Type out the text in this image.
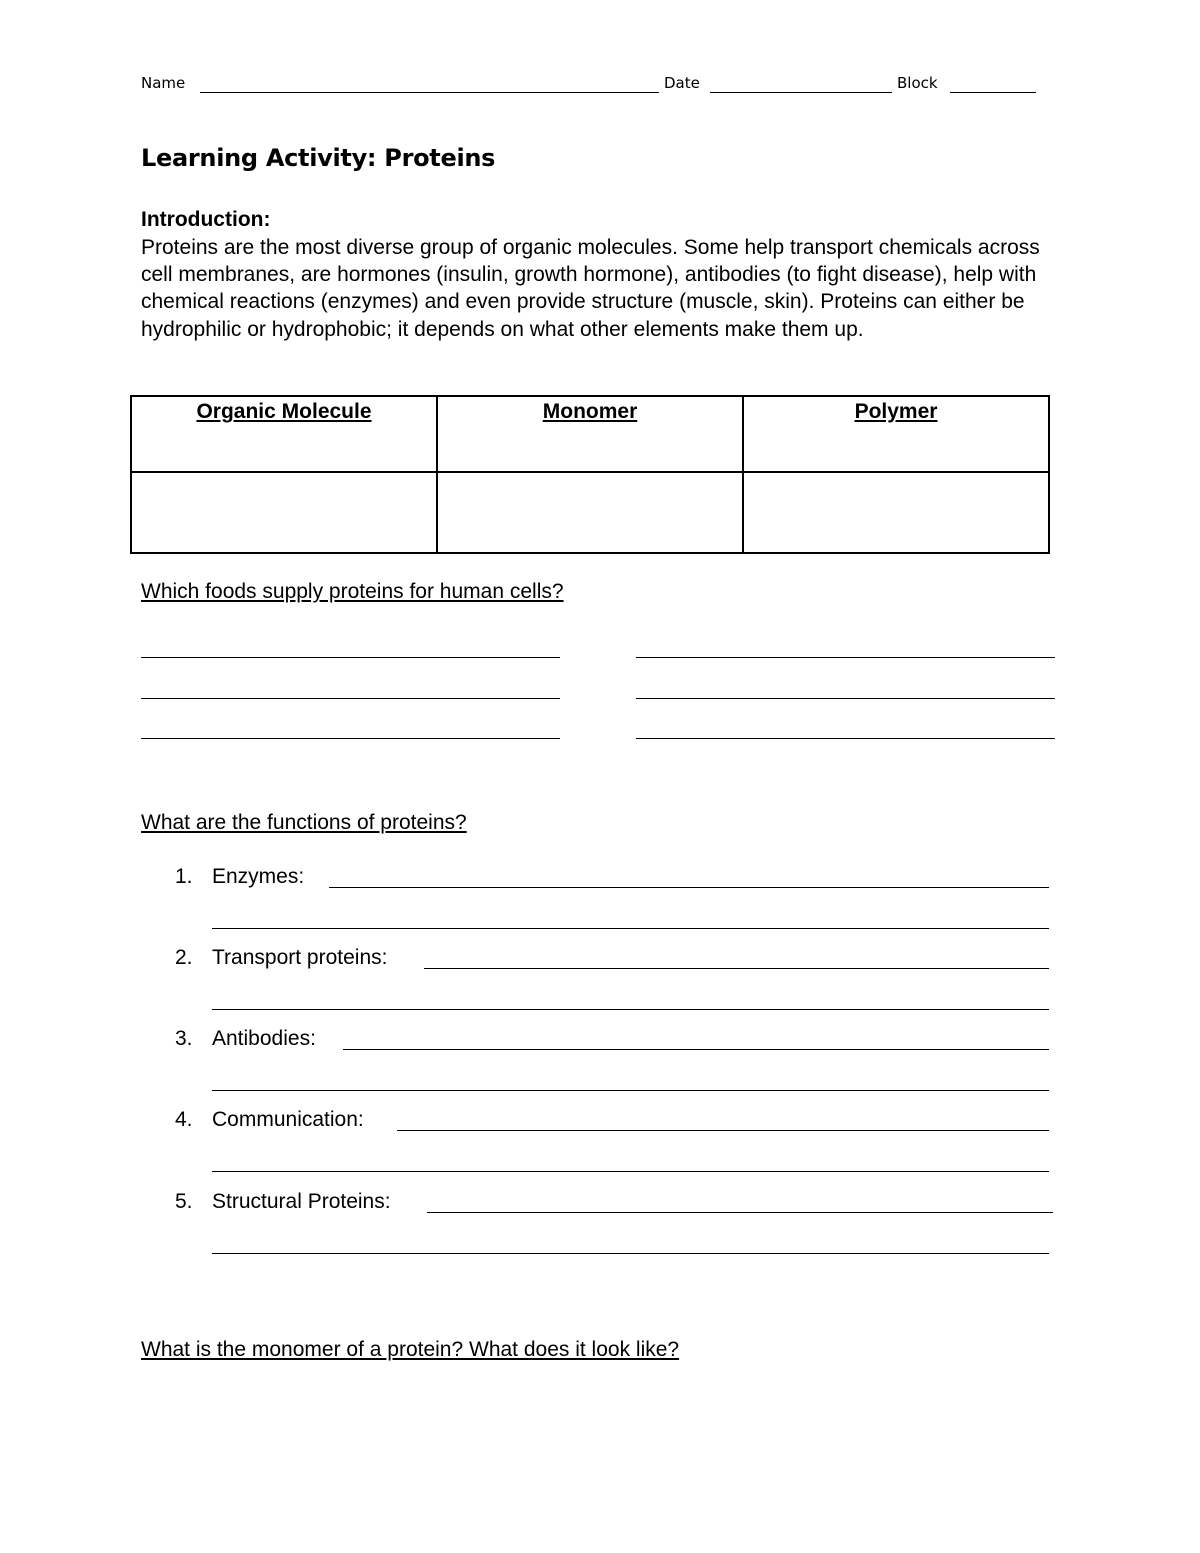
Name	Date	Block
Learning Activity: Proteins
Introduction:
Proteins are the most diverse group of organic molecules. Some help transport chemicals across cell membranes, are hormones (insulin, growth hormone), antibodies (to fight disease), help with chemical reactions (enzymes) and even provide structure (muscle, skin). Proteins can either be hydrophilic or hydrophobic; it depends on what other elements make them up.
Organic Molecule	Monomer	Polymer

Which foods supply proteins for human cells?
What are the functions of proteins?
1. Enzymes:
2. Transport proteins:
3. Antibodies:
4. Communication:
5. Structural Proteins:
What is the monomer of a protein? What does it look like?
